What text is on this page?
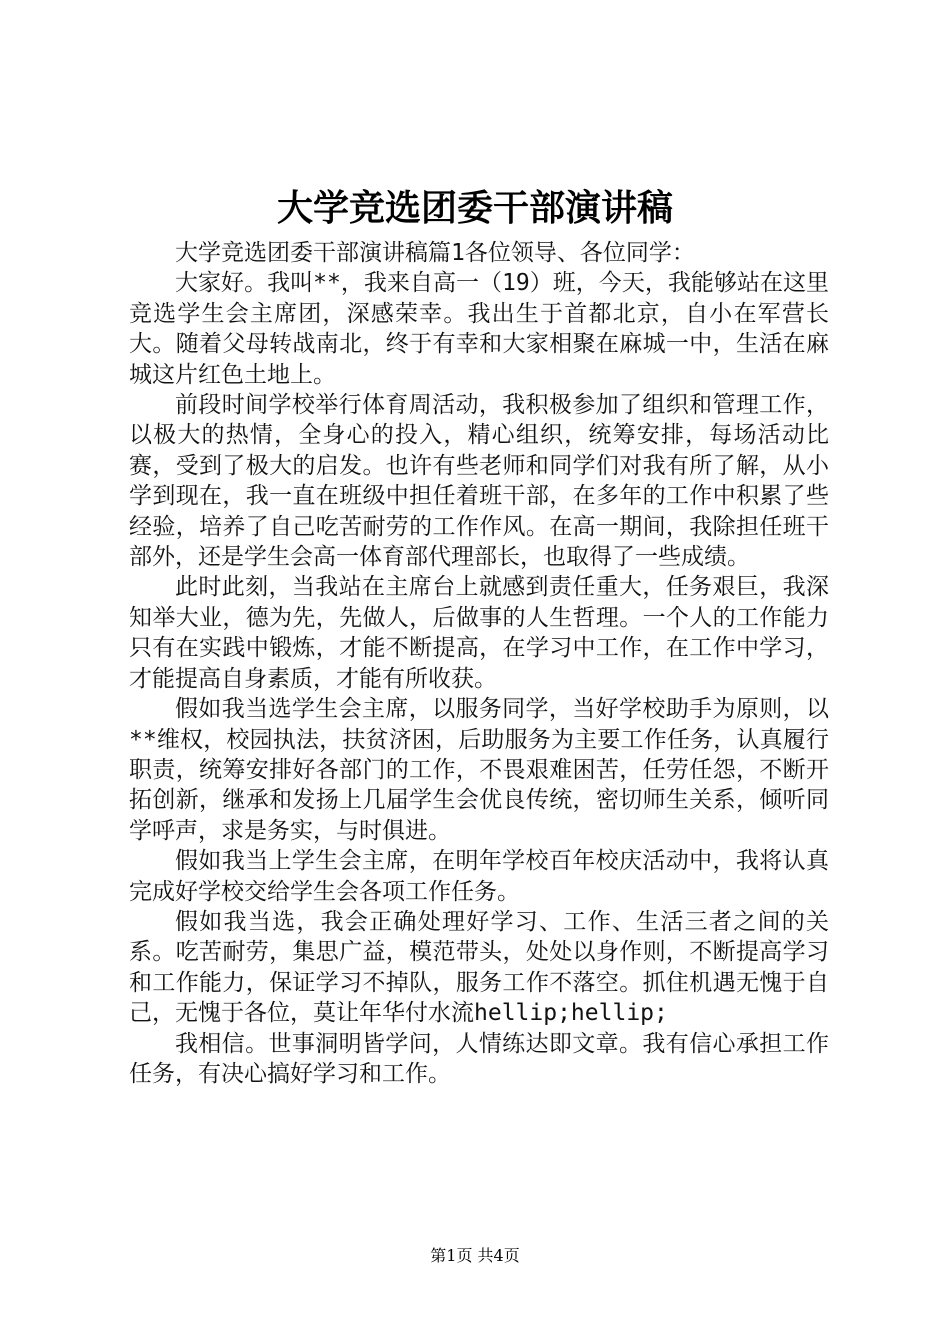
大学竞选团委干部演讲稿

大学竞选团委干部演讲稿篇1各位领导、各位同学：

大家好。我叫**，我来自高一（19）班，今天，我能够站在这里竞选学生会主席团，深感荣幸。我出生于首都北京，自小在军营长大。随着父母转战南北，终于有幸和大家相聚在麻城一中，生活在麻城这片红色土地上。

前段时间学校举行体育周活动，我积极参加了组织和管理工作，以极大的热情，全身心的投入，精心组织，统筹安排，每场活动比赛，受到了极大的启发。也许有些老师和同学们对我有所了解，从小学到现在，我一直在班级中担任着班干部，在多年的工作中积累了些经验，培养了自己吃苦耐劳的工作作风。在高一期间，我除担任班干部外，还是学生会高一体育部代理部长，也取得了一些成绩。

此时此刻，当我站在主席台上就感到责任重大，任务艰巨，我深知举大业，德为先，先做人，后做事的人生哲理。一个人的工作能力只有在实践中锻炼，才能不断提高，在学习中工作，在工作中学习，才能提高自身素质，才能有所收获。

假如我当选学生会主席，以服务同学，当好学校助手为原则，以**维权，校园执法，扶贫济困，后助服务为主要工作任务，认真履行职责，统筹安排好各部门的工作，不畏艰难困苦，任劳任怨，不断开拓创新，继承和发扬上几届学生会优良传统，密切师生关系，倾听同学呼声，求是务实，与时俱进。

假如我当上学生会主席，在明年学校百年校庆活动中，我将认真完成好学校交给学生会各项工作任务。

假如我当选，我会正确处理好学习、工作、生活三者之间的关系。吃苦耐劳，集思广益，模范带头，处处以身作则，不断提高学习和工作能力，保证学习不掉队，服务工作不落空。抓住机遇无愧于自己，无愧于各位，莫让年华付水流hellip;hellip;

我相信。世事洞明皆学问，人情练达即文章。我有信心承担工作任务，有决心搞好学习和工作。

第1页 共4页
